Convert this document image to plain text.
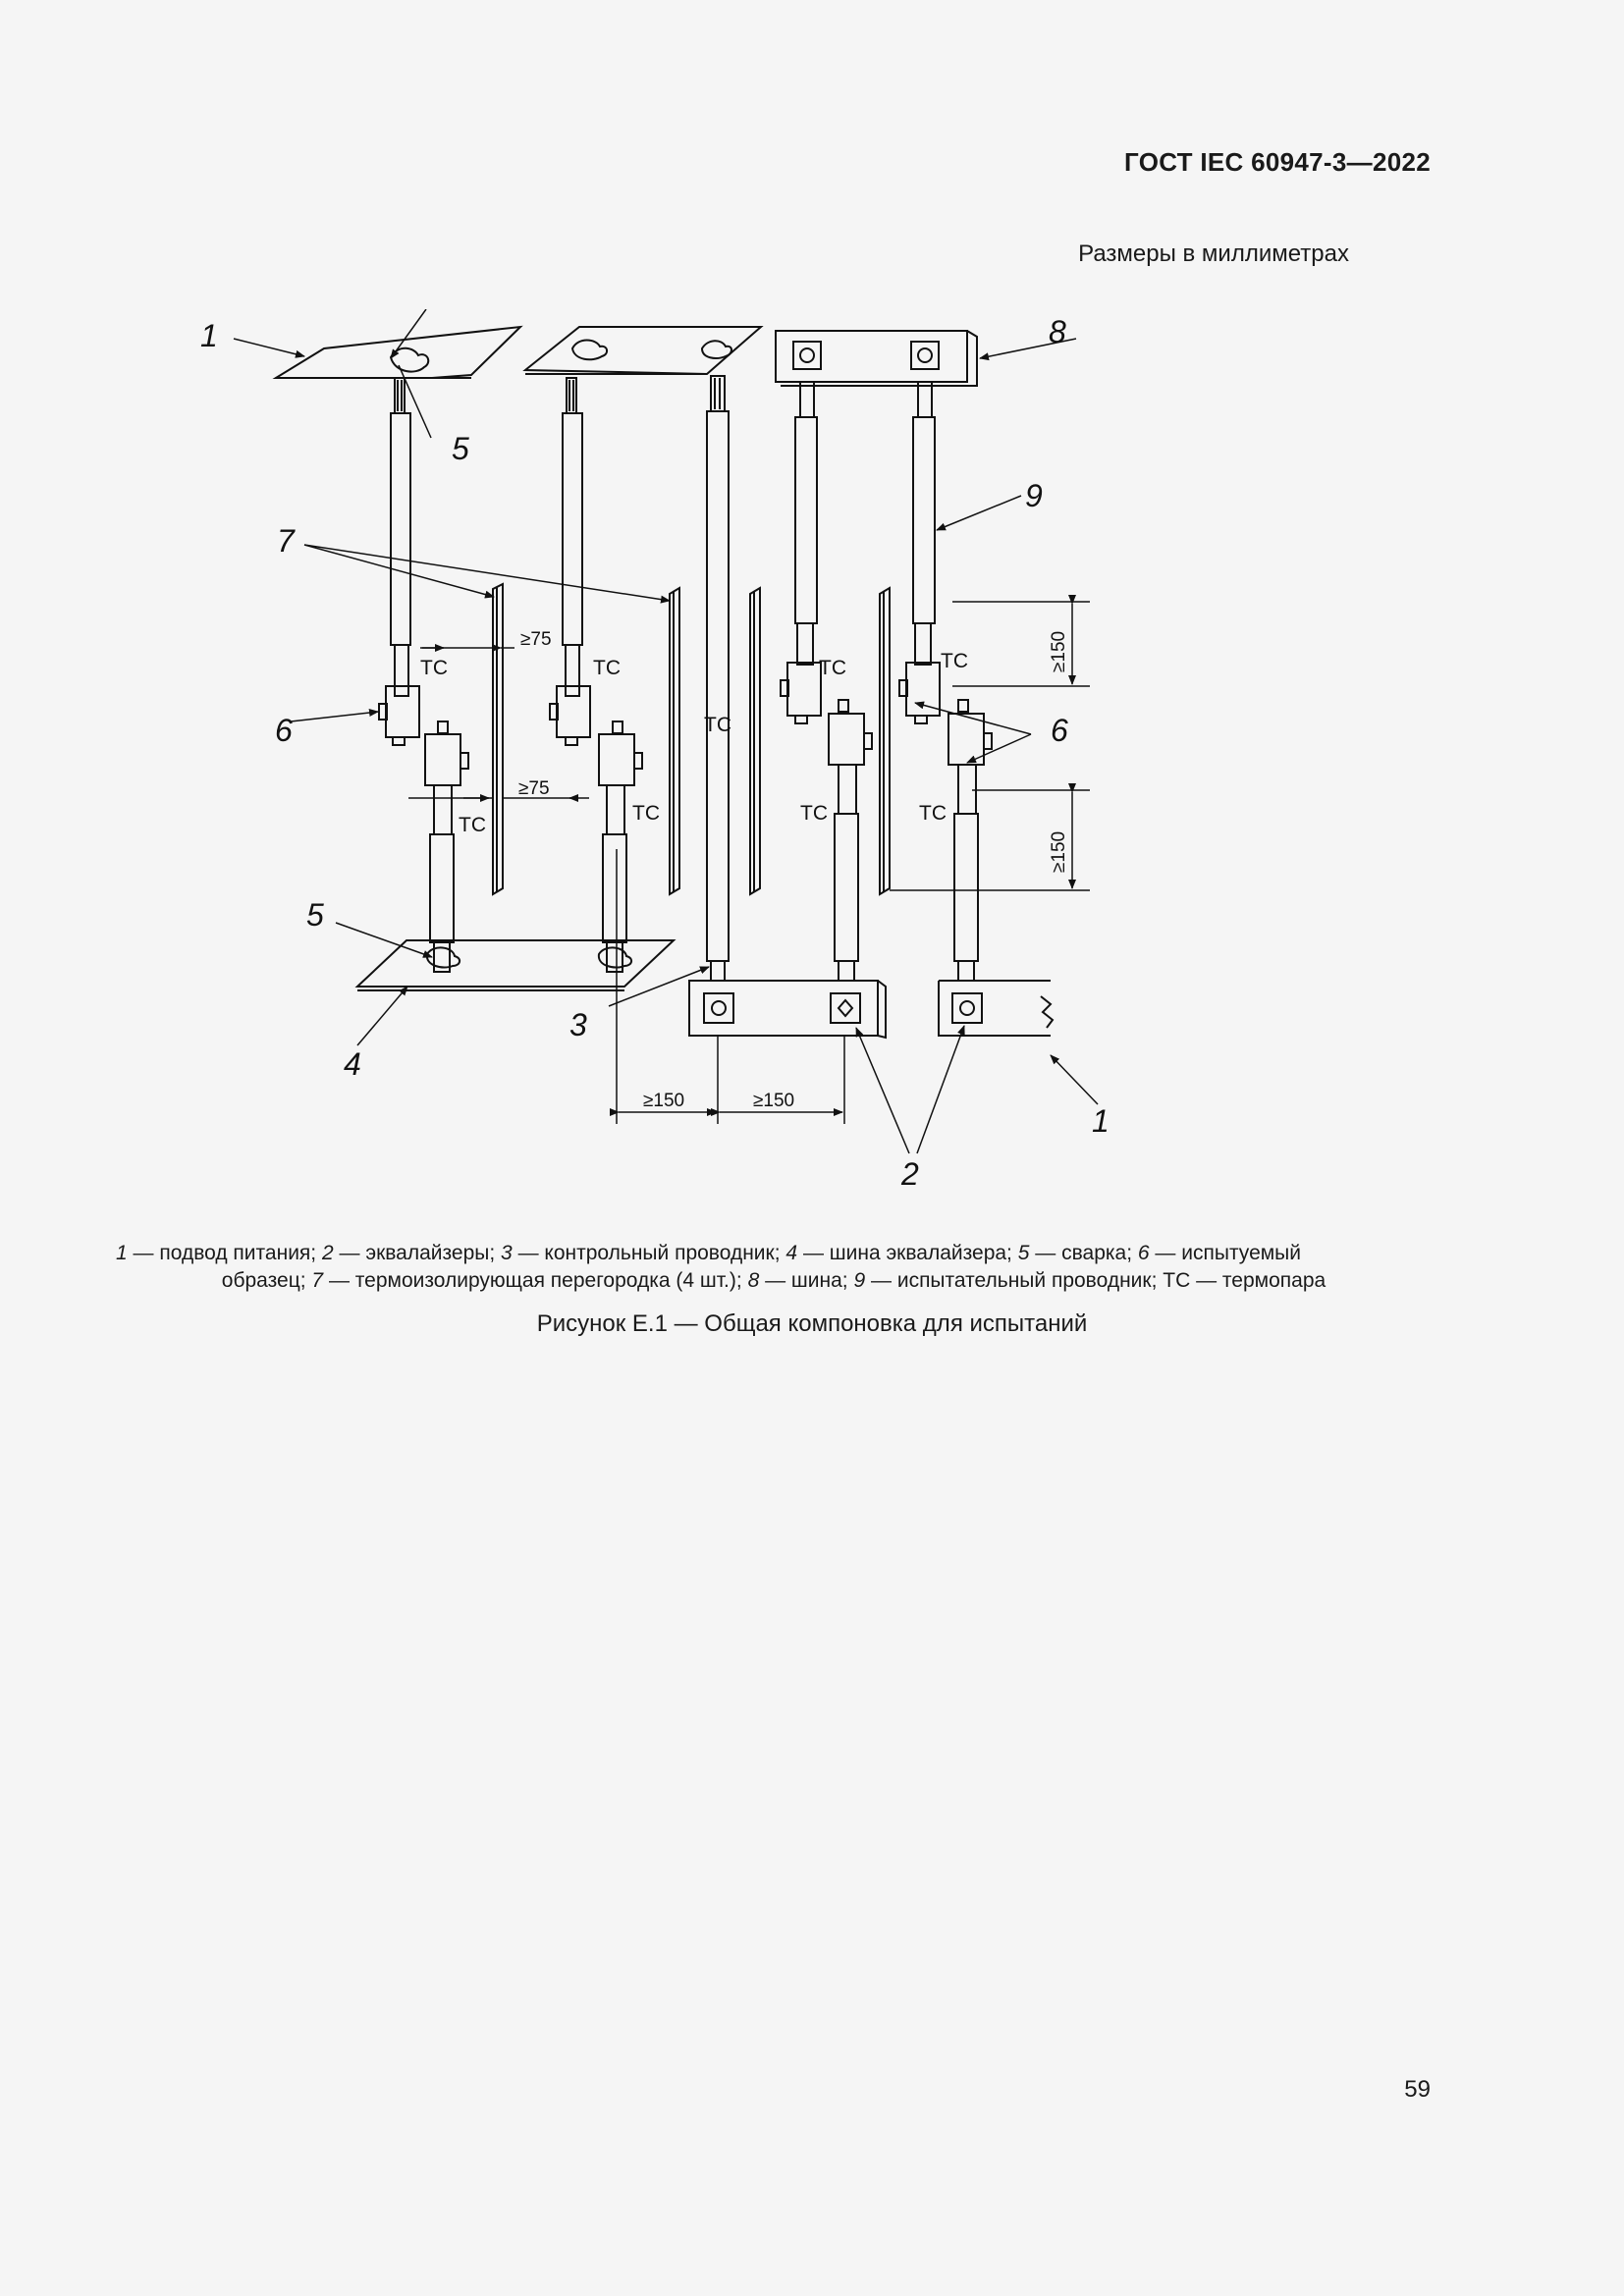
ГОСТ IEC 60947-3—2022
Размеры в миллиметрах
1
5
7
6
5
4
3
2
1
6
8
9
TC
TC
TC
TC
TC
TC
TC
TC
TC
≥75
≥75
≥150	≥150
≥150
≥150
1 — подвод питания; 2 — эквалайзеры; 3 — контрольный проводник; 4 — шина эквалайзера; 5 — сварка; 6 — испытуемый
образец; 7 — термоизолирующая перегородка (4 шт.); 8 — шина; 9 — испытательный проводник; ТС — термопара
Рисунок Е.1 — Общая компоновка для испытаний
59
